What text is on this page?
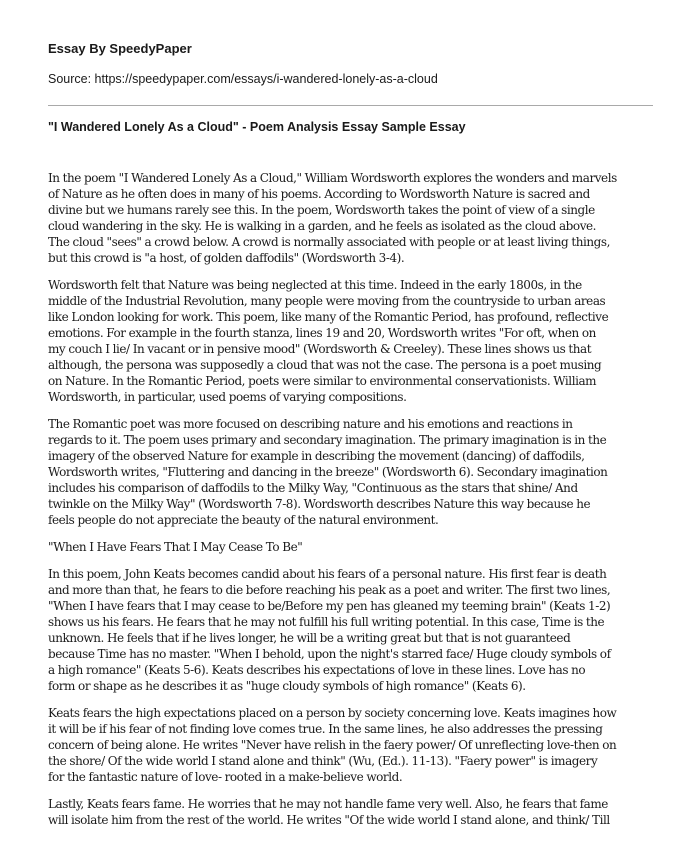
Essay By SpeedyPaper
Source: https://speedypaper.com/essays/i-wandered-lonely-as-a-cloud
"I Wandered Lonely As a Cloud" - Poem Analysis Essay Sample Essay

In the poem "I Wandered Lonely As a Cloud," William Wordsworth explores the wonders and marvels
of Nature as he often does in many of his poems. According to Wordsworth Nature is sacred and
divine but we humans rarely see this. In the poem, Wordsworth takes the point of view of a single
cloud wandering in the sky. He is walking in a garden, and he feels as isolated as the cloud above.
The cloud "sees" a crowd below. A crowd is normally associated with people or at least living things,
but this crowd is "a host, of golden daffodils" (Wordsworth 3-4).

Wordsworth felt that Nature was being neglected at this time. Indeed in the early 1800s, in the
middle of the Industrial Revolution, many people were moving from the countryside to urban areas
like London looking for work. This poem, like many of the Romantic Period, has profound, reflective
emotions. For example in the fourth stanza, lines 19 and 20, Wordsworth writes "For oft, when on
my couch I lie/ In vacant or in pensive mood" (Wordsworth & Creeley). These lines shows us that
although, the persona was supposedly a cloud that was not the case. The persona is a poet musing
on Nature. In the Romantic Period, poets were similar to environmental conservationists. William
Wordsworth, in particular, used poems of varying compositions.

The Romantic poet was more focused on describing nature and his emotions and reactions in
regards to it. The poem uses primary and secondary imagination. The primary imagination is in the
imagery of the observed Nature for example in describing the movement (dancing) of daffodils,
Wordsworth writes, "Fluttering and dancing in the breeze" (Wordsworth 6). Secondary imagination
includes his comparison of daffodils to the Milky Way, "Continuous as the stars that shine/ And
twinkle on the Milky Way" (Wordsworth 7-8). Wordsworth describes Nature this way because he
feels people do not appreciate the beauty of the natural environment.

"When I Have Fears That I May Cease To Be"

In this poem, John Keats becomes candid about his fears of a personal nature. His first fear is death
and more than that, he fears to die before reaching his peak as a poet and writer. The first two lines,
"When I have fears that I may cease to be/Before my pen has gleaned my teeming brain" (Keats 1-2)
shows us his fears. He fears that he may not fulfill his full writing potential. In this case, Time is the
unknown. He feels that if he lives longer, he will be a writing great but that is not guaranteed
because Time has no master. "When I behold, upon the night's starred face/ Huge cloudy symbols of
a high romance" (Keats 5-6). Keats describes his expectations of love in these lines. Love has no
form or shape as he describes it as "huge cloudy symbols of high romance" (Keats 6).

Keats fears the high expectations placed on a person by society concerning love. Keats imagines how
it will be if his fear of not finding love comes true. In the same lines, he also addresses the pressing
concern of being alone. He writes "Never have relish in the faery power/ Of unreflecting love-then on
the shore/ Of the wide world I stand alone and think" (Wu, (Ed.). 11-13). "Faery power" is imagery
for the fantastic nature of love- rooted in a make-believe world.

Lastly, Keats fears fame. He worries that he may not handle fame very well. Also, he fears that fame
will isolate him from the rest of the world. He writes "Of the wide world I stand alone, and think/ Till
